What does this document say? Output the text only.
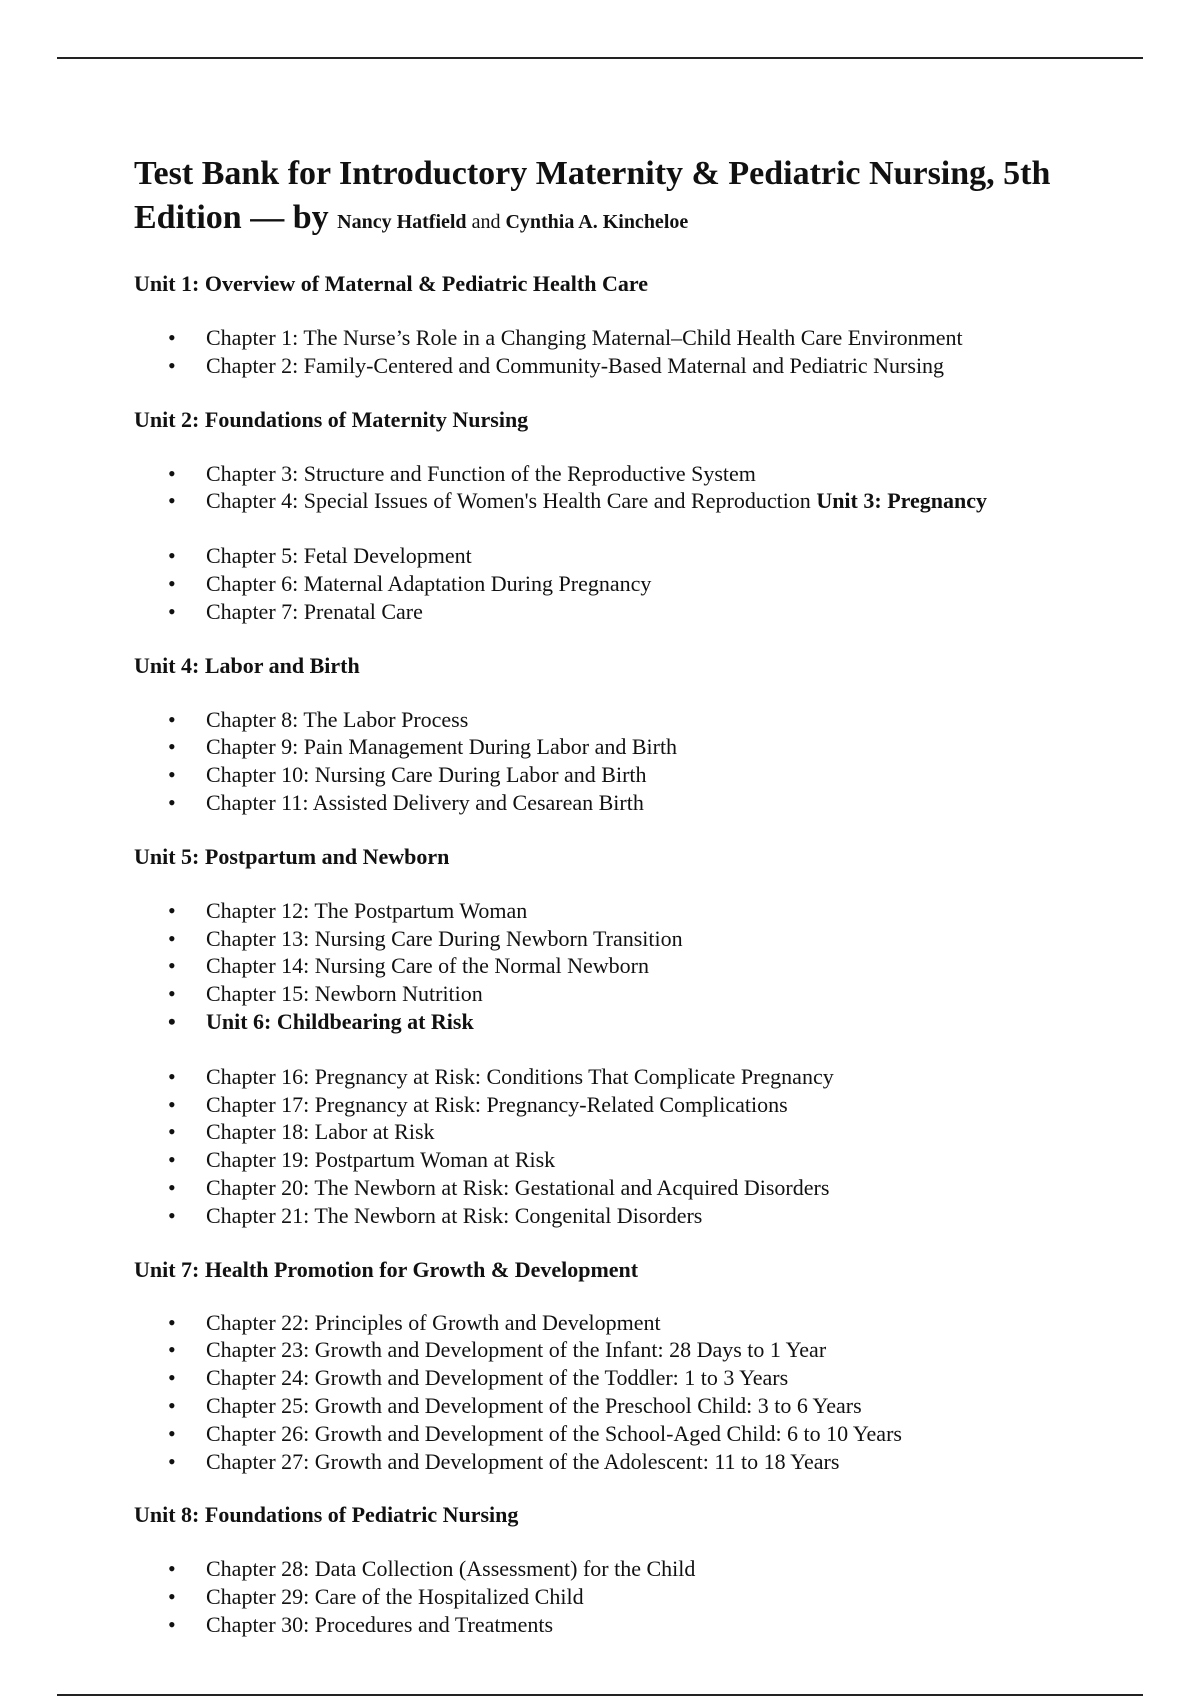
Test Bank for Introductory Maternity & Pediatric Nursing, 5th Edition — by Nancy Hatfield and Cynthia A. Kincheloe
Unit 1: Overview of Maternal & Pediatric Health Care
• Chapter 1: The Nurse’s Role in a Changing Maternal–Child Health Care Environment
• Chapter 2: Family-Centered and Community-Based Maternal and Pediatric Nursing
Unit 2: Foundations of Maternity Nursing
• Chapter 3: Structure and Function of the Reproductive System
• Chapter 4: Special Issues of Women's Health Care and Reproduction Unit 3: Pregnancy
• Chapter 5: Fetal Development
• Chapter 6: Maternal Adaptation During Pregnancy
• Chapter 7: Prenatal Care
Unit 4: Labor and Birth
• Chapter 8: The Labor Process
• Chapter 9: Pain Management During Labor and Birth
• Chapter 10: Nursing Care During Labor and Birth
• Chapter 11: Assisted Delivery and Cesarean Birth
Unit 5: Postpartum and Newborn
• Chapter 12: The Postpartum Woman
• Chapter 13: Nursing Care During Newborn Transition
• Chapter 14: Nursing Care of the Normal Newborn
• Chapter 15: Newborn Nutrition
• Unit 6: Childbearing at Risk
• Chapter 16: Pregnancy at Risk: Conditions That Complicate Pregnancy
• Chapter 17: Pregnancy at Risk: Pregnancy-Related Complications
• Chapter 18: Labor at Risk
• Chapter 19: Postpartum Woman at Risk
• Chapter 20: The Newborn at Risk: Gestational and Acquired Disorders
• Chapter 21: The Newborn at Risk: Congenital Disorders
Unit 7: Health Promotion for Growth & Development
• Chapter 22: Principles of Growth and Development
• Chapter 23: Growth and Development of the Infant: 28 Days to 1 Year
• Chapter 24: Growth and Development of the Toddler: 1 to 3 Years
• Chapter 25: Growth and Development of the Preschool Child: 3 to 6 Years
• Chapter 26: Growth and Development of the School-Aged Child: 6 to 10 Years
• Chapter 27: Growth and Development of the Adolescent: 11 to 18 Years
Unit 8: Foundations of Pediatric Nursing
• Chapter 28: Data Collection (Assessment) for the Child
• Chapter 29: Care of the Hospitalized Child
• Chapter 30: Procedures and Treatments
